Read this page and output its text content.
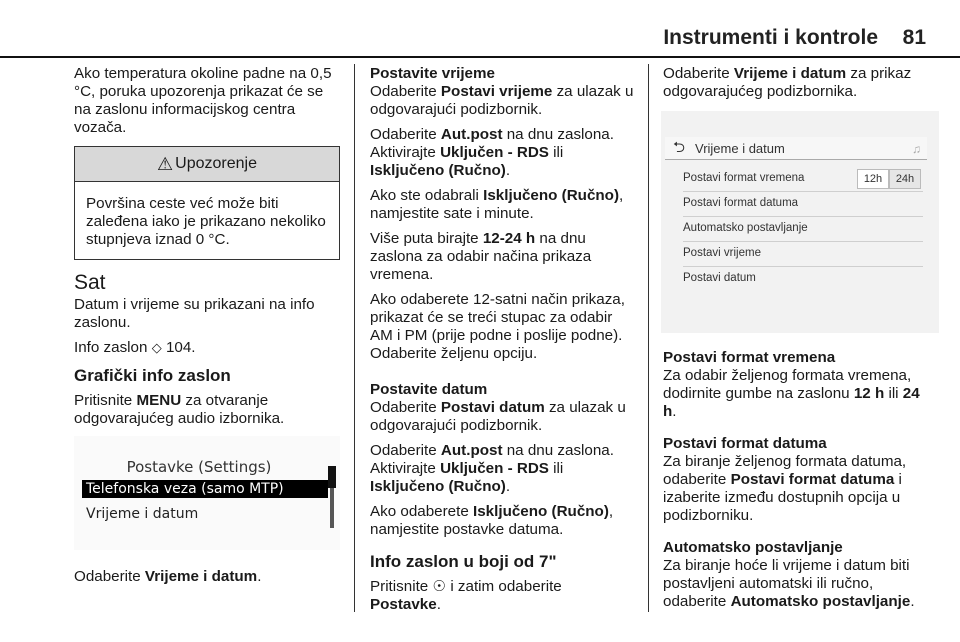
Instrumenti i kontrole 81

Ako temperatura okoline padne na 0,5 °C, poruka upozorenja prikazat će se na zaslonu informacijskog centra vozača.

⚠ Upozorenje
Površina ceste već može biti zaleđena iako je prikazano nekoliko stupnjeva iznad 0 °C.
Sat

Datum i vrijeme su prikazani na info zaslonu.

Info zaslon ◇ 104.

Grafički info zaslon

Pritisnite MENU za otvaranje odgovarajućeg audio izbornika.

Postavke (Settings)
Telefonska veza (samo MTP)
Vrijeme i datum

Odaberite Vrijeme i datum.

Postavite vrijeme

Odaberite Postavi vrijeme za ulazak u odgovarajući podizbornik.

Odaberite Aut.post na dnu zaslona. Aktivirajte Uključen - RDS ili Isključeno (Ručno).

Ako ste odabrali Isključeno (Ručno), namjestite sate i minute.

Više puta birajte 12-24 h na dnu zaslona za odabir načina prikaza vremena.

Ako odaberete 12-satni način prikaza, prikazat će se treći stupac za odabir AM i PM (prije podne i poslije podne). Odaberite željenu opciju.

Postavite datum

Odaberite Postavi datum za ulazak u odgovarajući podizbornik.

Odaberite Aut.post na dnu zaslona. Aktivirajte Uključen - RDS ili Isključeno (Ručno).

Ako odaberete Isključeno (Ručno), namjestite postavke datuma.

Info zaslon u boji od 7"

Pritisnite ☉ i zatim odaberite Postavke.

Odaberite Vrijeme i datum za prikaz odgovarajućeg podizbornika.

⮌ Vrijeme i datum	♫
Postavi format vremena	12h	24h
Postavi format datuma
Automatsko postavljanje
Postavi vrijeme
Postavi datum
Postavi format vremena

Za odabir željenog formata vremena, dodirnite gumbe na zaslonu 12 h ili 24 h.

Postavi format datuma

Za biranje željenog formata datuma, odaberite Postavi format datuma i izaberite između dostupnih opcija u podizborniku.

Automatsko postavljanje

Za biranje hoće li vrijeme i datum biti postavljeni automatski ili ručno, odaberite Automatsko postavljanje.
